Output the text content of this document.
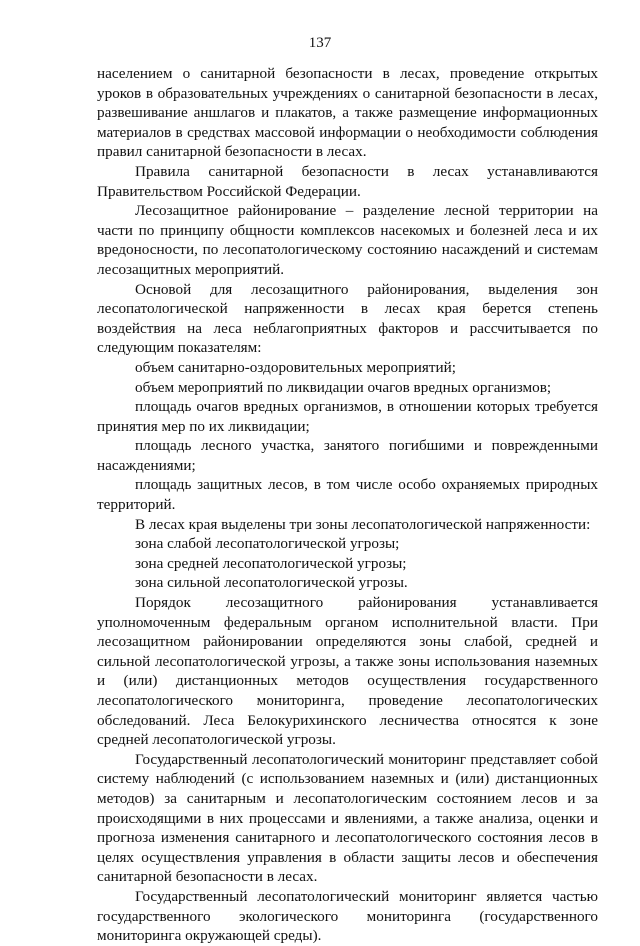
137

населением о санитарной безопасности в лесах, проведение открытых уроков в образовательных учреждениях о санитарной безопасности в лесах, развешивание аншлагов и плакатов, а также размещение информационных материалов в средствах массовой информации о необходимости соблюдения правил санитарной безопасности в лесах.

Правила санитарной безопасности в лесах устанавливаются Правительством Российской Федерации.

Лесозащитное районирование – разделение лесной территории на части по принципу общности комплексов насекомых и болезней леса и их вредоносности, по лесопатологическому состоянию насаждений и системам лесозащитных мероприятий.

Основой для лесозащитного районирования, выделения зон лесопатологической напряженности в лесах края берется степень воздействия на леса неблагоприятных факторов и рассчитывается по следующим показателям:

объем санитарно-оздоровительных мероприятий;

объем мероприятий по ликвидации очагов вредных организмов;

площадь очагов вредных организмов, в отношении которых требуется принятия мер по их ликвидации;

площадь лесного участка, занятого погибшими и поврежденными насаждениями;

площадь защитных лесов, в том числе особо охраняемых природных территорий.

В лесах края выделены три зоны лесопатологической напряженности:

зона слабой лесопатологической угрозы;

зона средней лесопатологической угрозы;

зона сильной лесопатологической угрозы.

Порядок лесозащитного районирования устанавливается уполномоченным федеральным органом исполнительной власти. При лесозащитном районировании определяются зоны слабой, средней и сильной лесопатологической угрозы, а также зоны использования наземных и (или) дистанционных методов осуществления государственного лесопатологического мониторинга, проведение лесопатологических обследований. Леса Белокурихинского лесничества относятся к зоне средней лесопатологической угрозы.

Государственный лесопатологический мониторинг представляет собой систему наблюдений (с использованием наземных и (или) дистанционных методов) за санитарным и лесопатологическим состоянием лесов и за происходящими в них процессами и явлениями, а также анализа, оценки и прогноза изменения санитарного и лесопатологического состояния лесов в целях осуществления управления в области защиты лесов и обеспечения санитарной безопасности в лесах.

Государственный лесопатологический мониторинг является частью государственного экологического мониторинга (государственного мониторинга окружающей среды).
